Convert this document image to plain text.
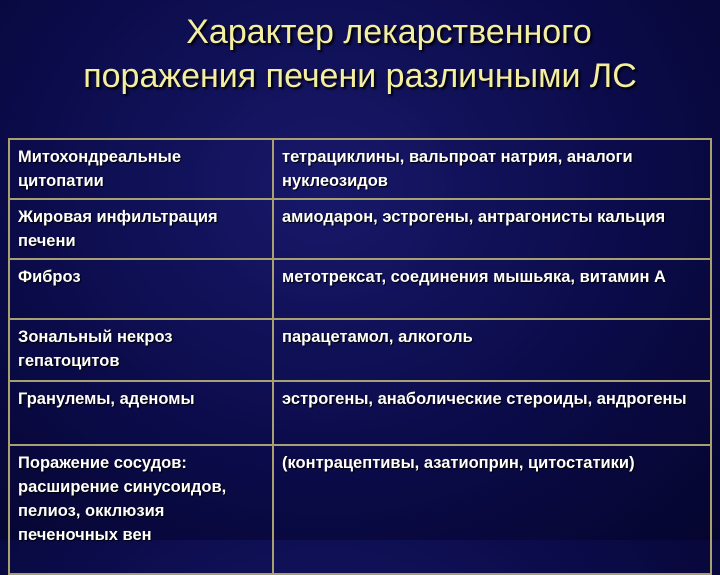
Характер лекарственного
поражения печени различными ЛС
Митохондреальные цитопатии	тетрациклины, вальпроат натрия, аналоги нуклеозидов
Жировая инфильтрация печени	амиодарон, эстрогены, антрагонисты кальция
Фиброз	метотрексат, соединения мышьяка, витамин А
Зональный некроз гепатоцитов	парацетамол, алкоголь
Гранулемы, аденомы	эстрогены, анаболические стероиды, андрогены
Поражение сосудов: расширение синусоидов, пелиоз, окклюзия печеночных вен	(контрацептивы, азатиоприн, цитостатики)
